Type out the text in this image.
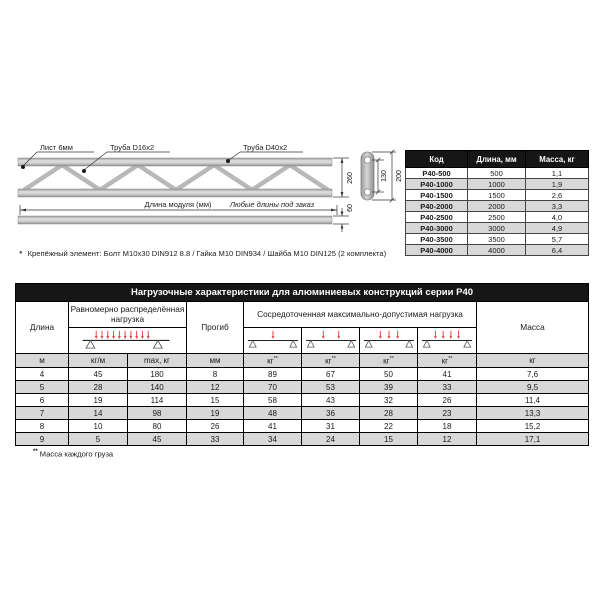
Лист 6мм	Труба D16x2	Труба D40x2
260	130 200
Длина модуля (мм) Любые длины под заказ	60
Код	Длина, мм	Масса, кг
P40-500	500	1,1
P40-1000	1000	1,9
P40-1500	1500	2,6
P40-2000	2000	3,3
P40-2500	2500	4,0
P40-3000	3000	4,9
P40-3500	3500	5,7
P40-4000	4000	6,4
● Крепёжный элемент: Болт M10x30 DIN912 8.8 / Гайка M10 DIN934 / Шайба M10 DIN125 (2 комплекта)
Нагрузочные характеристики для алюминиевых конструкций серии P40								
Длина	Равномерно распределённая нагрузка		Прогиб	Сосредоточенная максимально-допустимая нагрузка				Масса

м	кг/м	max, кг	мм	кг**	кг**	кг**	кг**	кг
4	45	180	8	89	67	50	41	7,6
5	28	140	12	70	53	39	33	9,5
6	19	114	15	58	43	32	26	11,4
7	14	98	19	48	36	28	23	13,3
8	10	80	26	41	31	22	18	15,2
9	5	45	33	34	24	15	12	17,1
** Масса каждого груза
